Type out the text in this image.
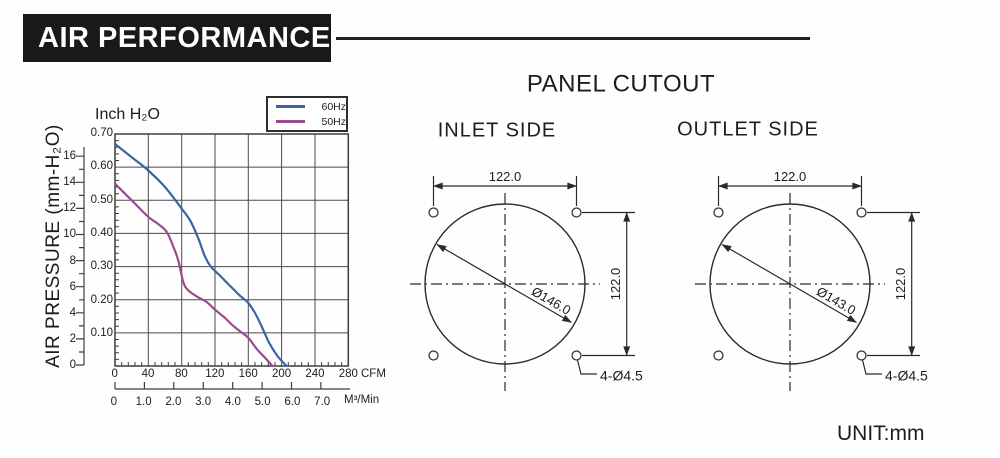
AIR PERFORMANCE
Inch H₂O
AIR PRESSURE (mm-H₂O)	0.70
0.60
0.50
0.40
0.30
0.20
0.10
16
14
12
10
8
6
4
2
0
0	40	80	120	160	200	240	280 CFM
0	1.0	2.0	3.0	4.0	5.0	6.0	7.0	M³/Min
60Hz
50Hz
PANEL CUTOUT
INLET SIDE	OUTLET SIDE
122.0	122.0
122.0	122.0
Ø146.0	Ø143.0
4-Ø4.5	4-Ø4.5
UNIT:mm
